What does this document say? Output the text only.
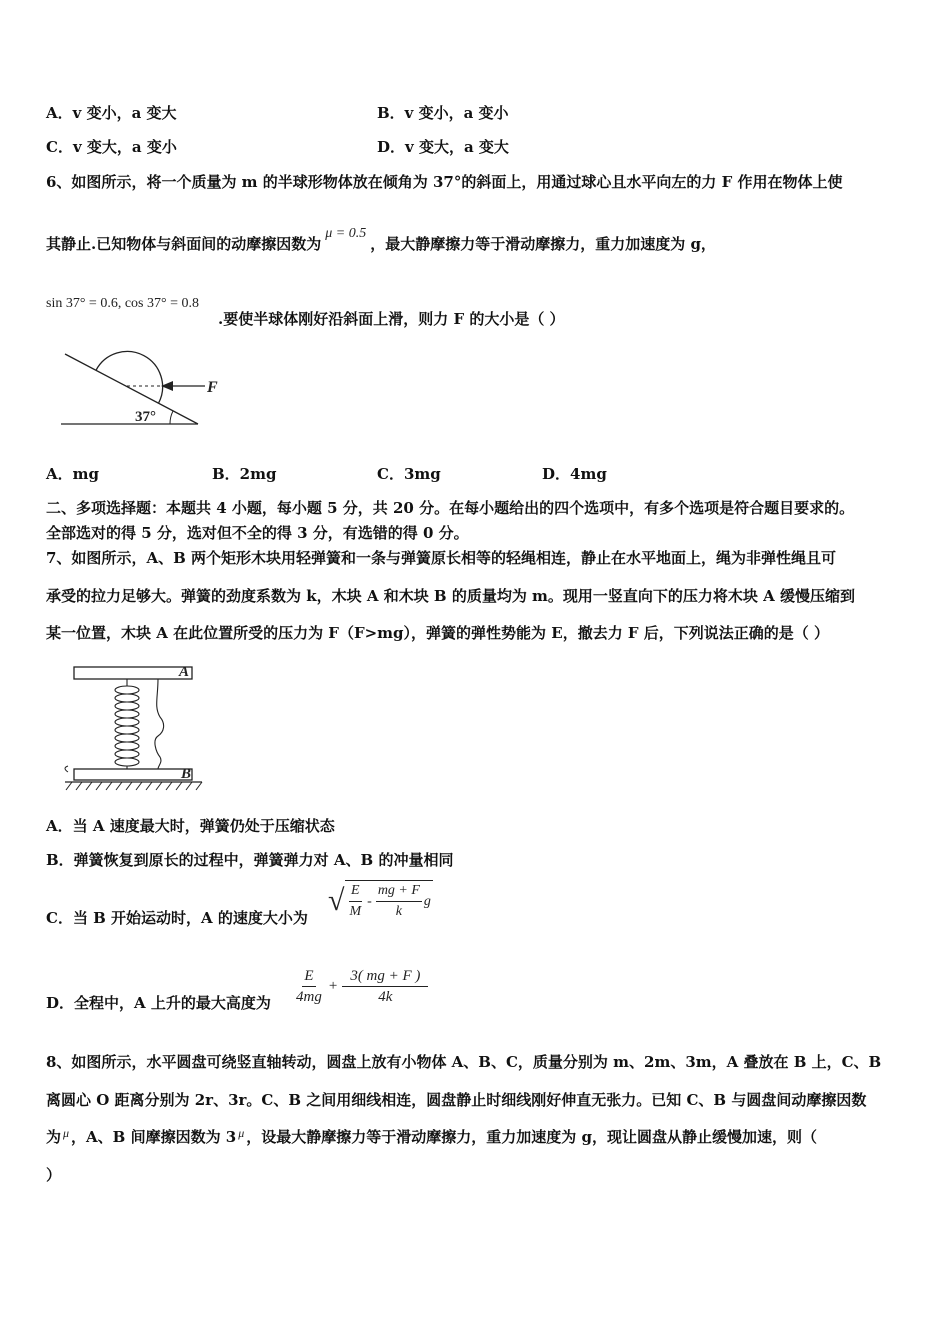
A．v 变小，a 变大	B．v 变小，a 变小
C．v 变大，a 变小	D．v 变大，a 变大
6、如图所示，将一个质量为 m 的半球形物体放在倾角为 37°的斜面上，用通过球心且水平向左的力 F 作用在物体上使
其静止.已知物体与斜面间的动摩擦因数为μ = 0.5，最大静摩擦力等于滑动摩擦力，重力加速度为 g，
sin 37° = 0.6, cos 37° = 0.8
.要使半球体刚好沿斜面上滑，则力 F 的大小是（ ）
F
37°
A．mg	B．2mg	C．3mg	D．4mg
二、多项选择题：本题共 4 小题，每小题 5 分，共 20 分。在每小题给出的四个选项中，有多个选项是符合题目要求的。
全部选对的得 5 分，选对但不全的得 3 分，有选错的得 0 分。
7、如图所示，A、B 两个矩形木块用轻弹簧和一条与弹簧原长相等的轻绳相连，静止在水平地面上，绳为非弹性绳且可
承受的拉力足够大。弹簧的劲度系数为 k，木块 A 和木块 B 的质量均为 m。现用一竖直向下的压力将木块 A 缓慢压缩到
某一位置，木块 A 在此位置所受的压力为 F（F>mg），弹簧的弹性势能为 E，撤去力 F 后，下列说法正确的是（ ）
A
B
A．当 A 速度最大时，弹簧仍处于压缩状态
B．弹簧恢复到原长的过程中，弹簧弹力对 A、B 的冲量相同
C．当 B 开始运动时，A 的速度大小为
√ $\frac{E}{M} - \frac{mg + F}{k}$ g
D．全程中，A 上升的最大高度为 $\frac{E}{4mg} + \frac{3( mg + F )}{4k}$
8、如图所示，水平圆盘可绕竖直轴转动，圆盘上放有小物体 A、B、C，质量分别为 m、2m、3m，A 叠放在 B 上，C、B
离圆心 O 距离分别为 2r、3r。C、B 之间用细线相连，圆盘静止时细线刚好伸直无张力。已知 C、B 与圆盘间动摩擦因数
为 $^\mu$ ，A、B 间摩擦因数为 3 $^\mu$ ，设最大静摩擦力等于滑动摩擦力，重力加速度为 g，现让圆盘从静止缓慢加速，则（
）
